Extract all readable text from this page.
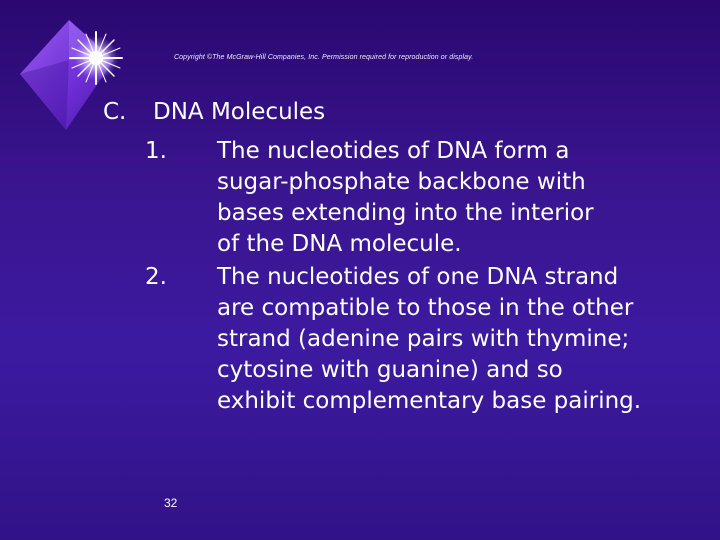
Copyright ©The McGraw-Hill Companies, Inc. Permission required for reproduction or display.
C. DNA Molecules
1. The nucleotides of DNA form a
sugar-phosphate backbone with
bases extending into the interior
of the DNA molecule.
2. The nucleotides of one DNA strand
are compatible to those in the other
strand (adenine pairs with thymine;
cytosine with guanine) and so
exhibit complementary base pairing.
32
